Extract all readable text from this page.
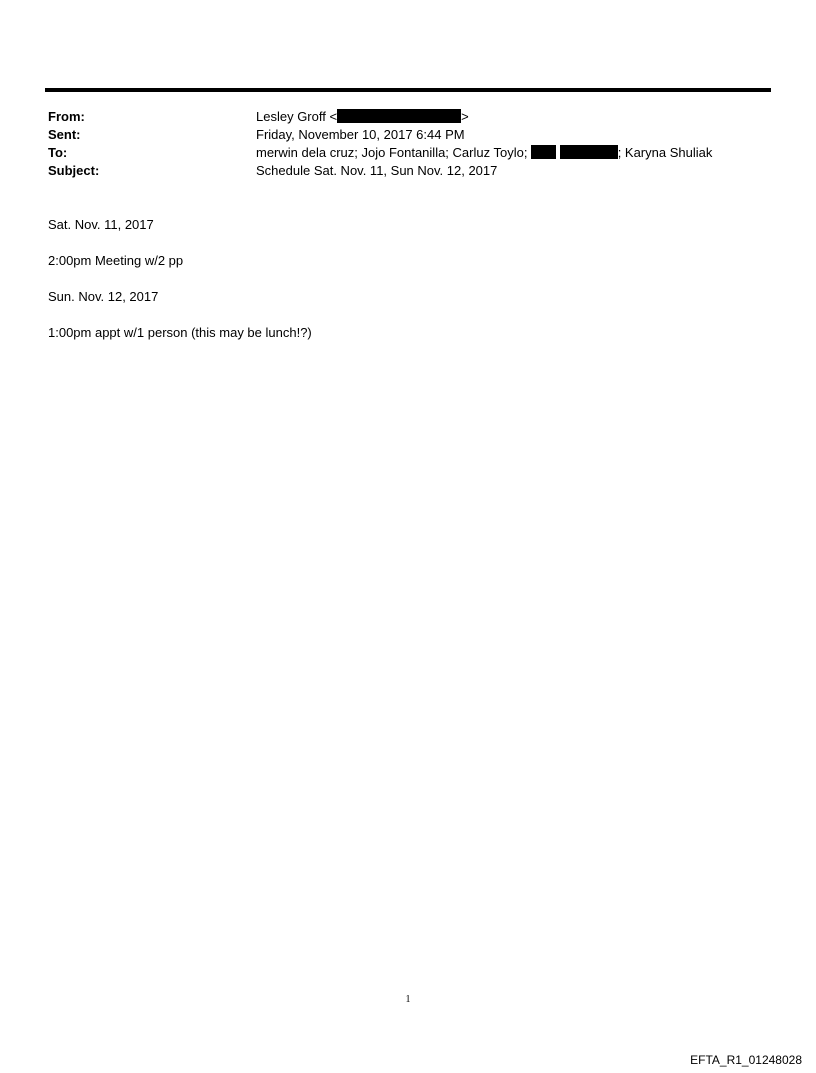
From:	Lesley Groff <	>
Sent:	Friday, November 10, 2017 6:44 PM
To:	merwin dela cruz; Jojo Fontanilla; Carluz Toylo;	; Karyna Shuliak
Subject:	Schedule Sat. Nov. 11, Sun Nov. 12, 2017
Sat. Nov. 11, 2017
2:00pm Meeting w/2 pp
Sun. Nov. 12, 2017
1:00pm appt w/1 person (this may be lunch!?)
1
EFTA_R1_01248028
